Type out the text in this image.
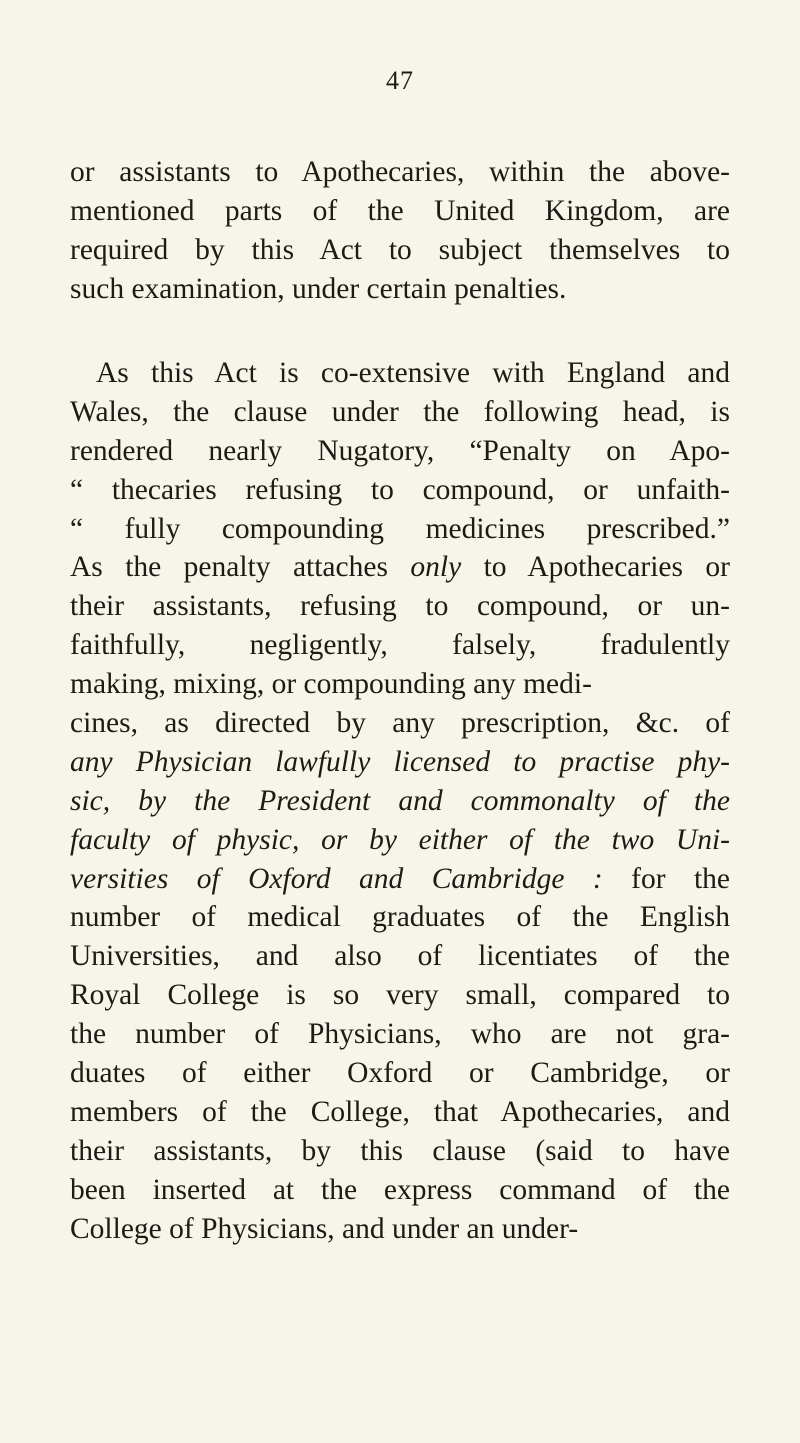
47
or assistants to Apothecaries, within the above-
mentioned parts of the United Kingdom, are
required by this Act to subject themselves to
such examination, under certain penalties.
As this Act is co-extensive with England and
Wales, the clause under the following head, is
rendered nearly Nugatory, “Penalty on Apo-
“ thecaries refusing to compound, or unfaith-
“ fully compounding medicines prescribed.”
As the penalty attaches only to Apothecaries or
their assistants, refusing to compound, or un-
faithfully, negligently, falsely, fradulently
making, mixing, or compounding any medi-
cines, as directed by any prescription, &c. of
any Physician lawfully licensed to practise phy-
sic, by the President and commonalty of the
faculty of physic, or by either of the two Uni-
versities of Oxford and Cambridge : for the
number of medical graduates of the English
Universities, and also of licentiates of the
Royal College is so very small, compared to
the number of Physicians, who are not gra-
duates of either Oxford or Cambridge, or
members of the College, that Apothecaries, and
their assistants, by this clause (said to have
been inserted at the express command of the
College of Physicians, and under an under-
